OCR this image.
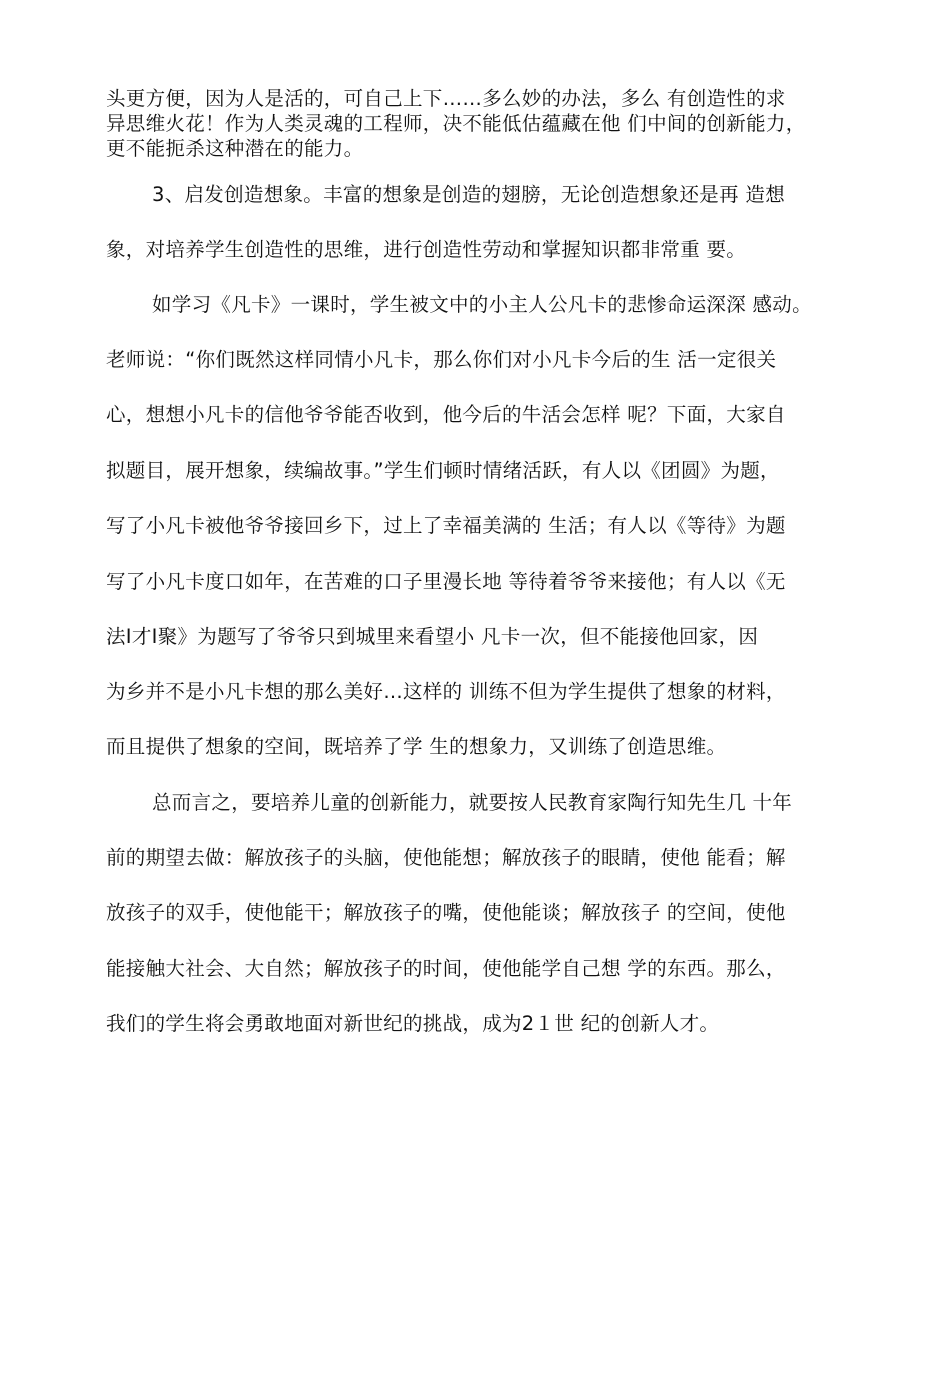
头更方便，因为人是活的，可自己上下……多么妙的办法，多么 有创造性的求
异思维火花！作为人类灵魂的工程师，决不能低估蕴藏在他 们中间的创新能力，
更不能扼杀这种潜在的能力。
3、启发创造想象。丰富的想象是创造的翅膀，无论创造想象还是再 造想
象，对培养学生创造性的思维，进行创造性劳动和掌握知识都非常重 要。
如学习《凡卡》一课时，学生被文中的小主人公凡卡的悲惨命运深深 感动。
老师说：“你们既然这样同情小凡卡，那么你们对小凡卡今后的生 活一定很关
心，想想小凡卡的信他爷爷能否收到，他今后的牛活会怎样 呢？下面，大家自
拟题目，展开想象，续编故事。”学生们顿时情绪活跃，有人以《团圆》为题，
写了小凡卡被他爷爷接回乡下，过上了幸福美满的 生活；有人以《等待》为题
写了小凡卡度口如年，在苦难的口子里漫长地 等待着爷爷来接他；有人以《无
法I才I聚》为题写了爷爷只到城里来看望小 凡卡一次，但不能接他回家，因
为乡并不是小凡卡想的那么美好…这样的 训练不但为学生提供了想象的材料，
而且提供了想象的空间，既培养了学 生的想象力，又训练了创造思维。
总而言之，要培养儿童的创新能力，就要按人民教育家陶行知先生几 十年
前的期望去做：解放孩子的头脑，使他能想；解放孩子的眼睛，使他 能看；解
放孩子的双手，使他能干；解放孩子的嘴，使他能谈；解放孩子 的空间，使他
能接触大社会、大自然；解放孩子的时间，使他能学自己想 学的东西。那么，
我们的学生将会勇敢地面对新世纪的挑战，成为2１世 纪的创新人才。
